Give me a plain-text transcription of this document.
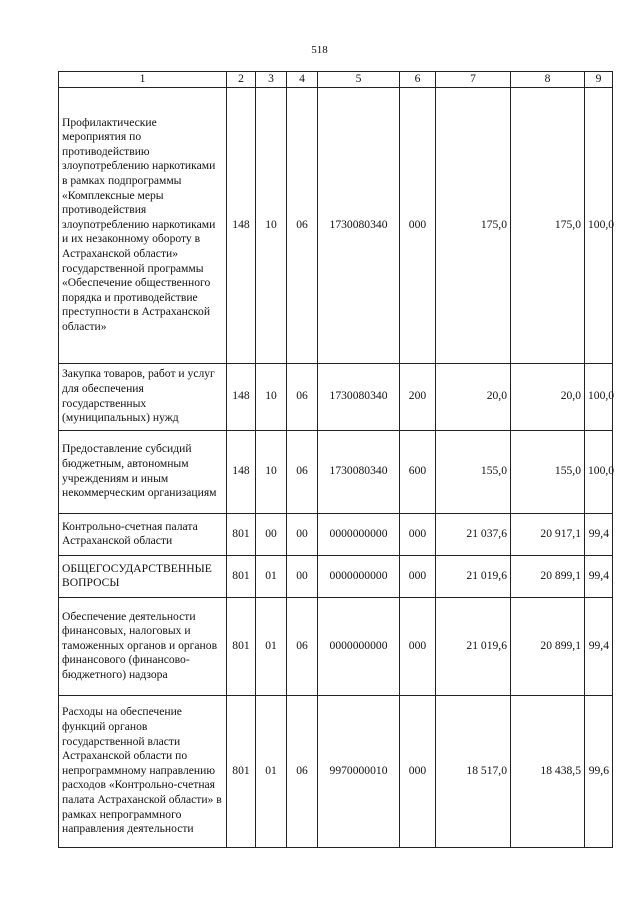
518
1	2	3	4	5	6	7	8	9
Профилактические мероприятия по противодействию злоупотреблению наркотиками в рамках подпрограммы «Комплексные меры противодействия злоупотреблению наркотиками и их незаконному обороту в Астраханской области» государственной программы «Обеспечение общественного порядка и противодействие преступности в Астраханской области»	148	10	06	1730080340	000	175,0	175,0	100,0
Закупка товаров, работ и услуг для обеспечения государственных (муниципальных) нужд	148	10	06	1730080340	200	20,0	20,0	100,0
Предоставление субсидий бюджетным, автономным учреждениям и иным некоммерческим организациям	148	10	06	1730080340	600	155,0	155,0	100,0
Контрольно-счетная палата Астраханской области	801	00	00	0000000000	000	21 037,6	20 917,1	99,4
ОБЩЕГОСУДАРСТВЕННЫЕ ВОПРОСЫ	801	01	00	0000000000	000	21 019,6	20 899,1	99,4
Обеспечение деятельности финансовых, налоговых и таможенных органов и органов финансового (финансово-бюджетного) надзора	801	01	06	0000000000	000	21 019,6	20 899,1	99,4
Расходы на обеспечение функций органов государственной власти Астраханской области по непрограммному направлению расходов «Контрольно-счетная палата Астраханской области» в рамках непрограммного направления деятельности	801	01	06	9970000010	000	18 517,0	18 438,5	99,6
